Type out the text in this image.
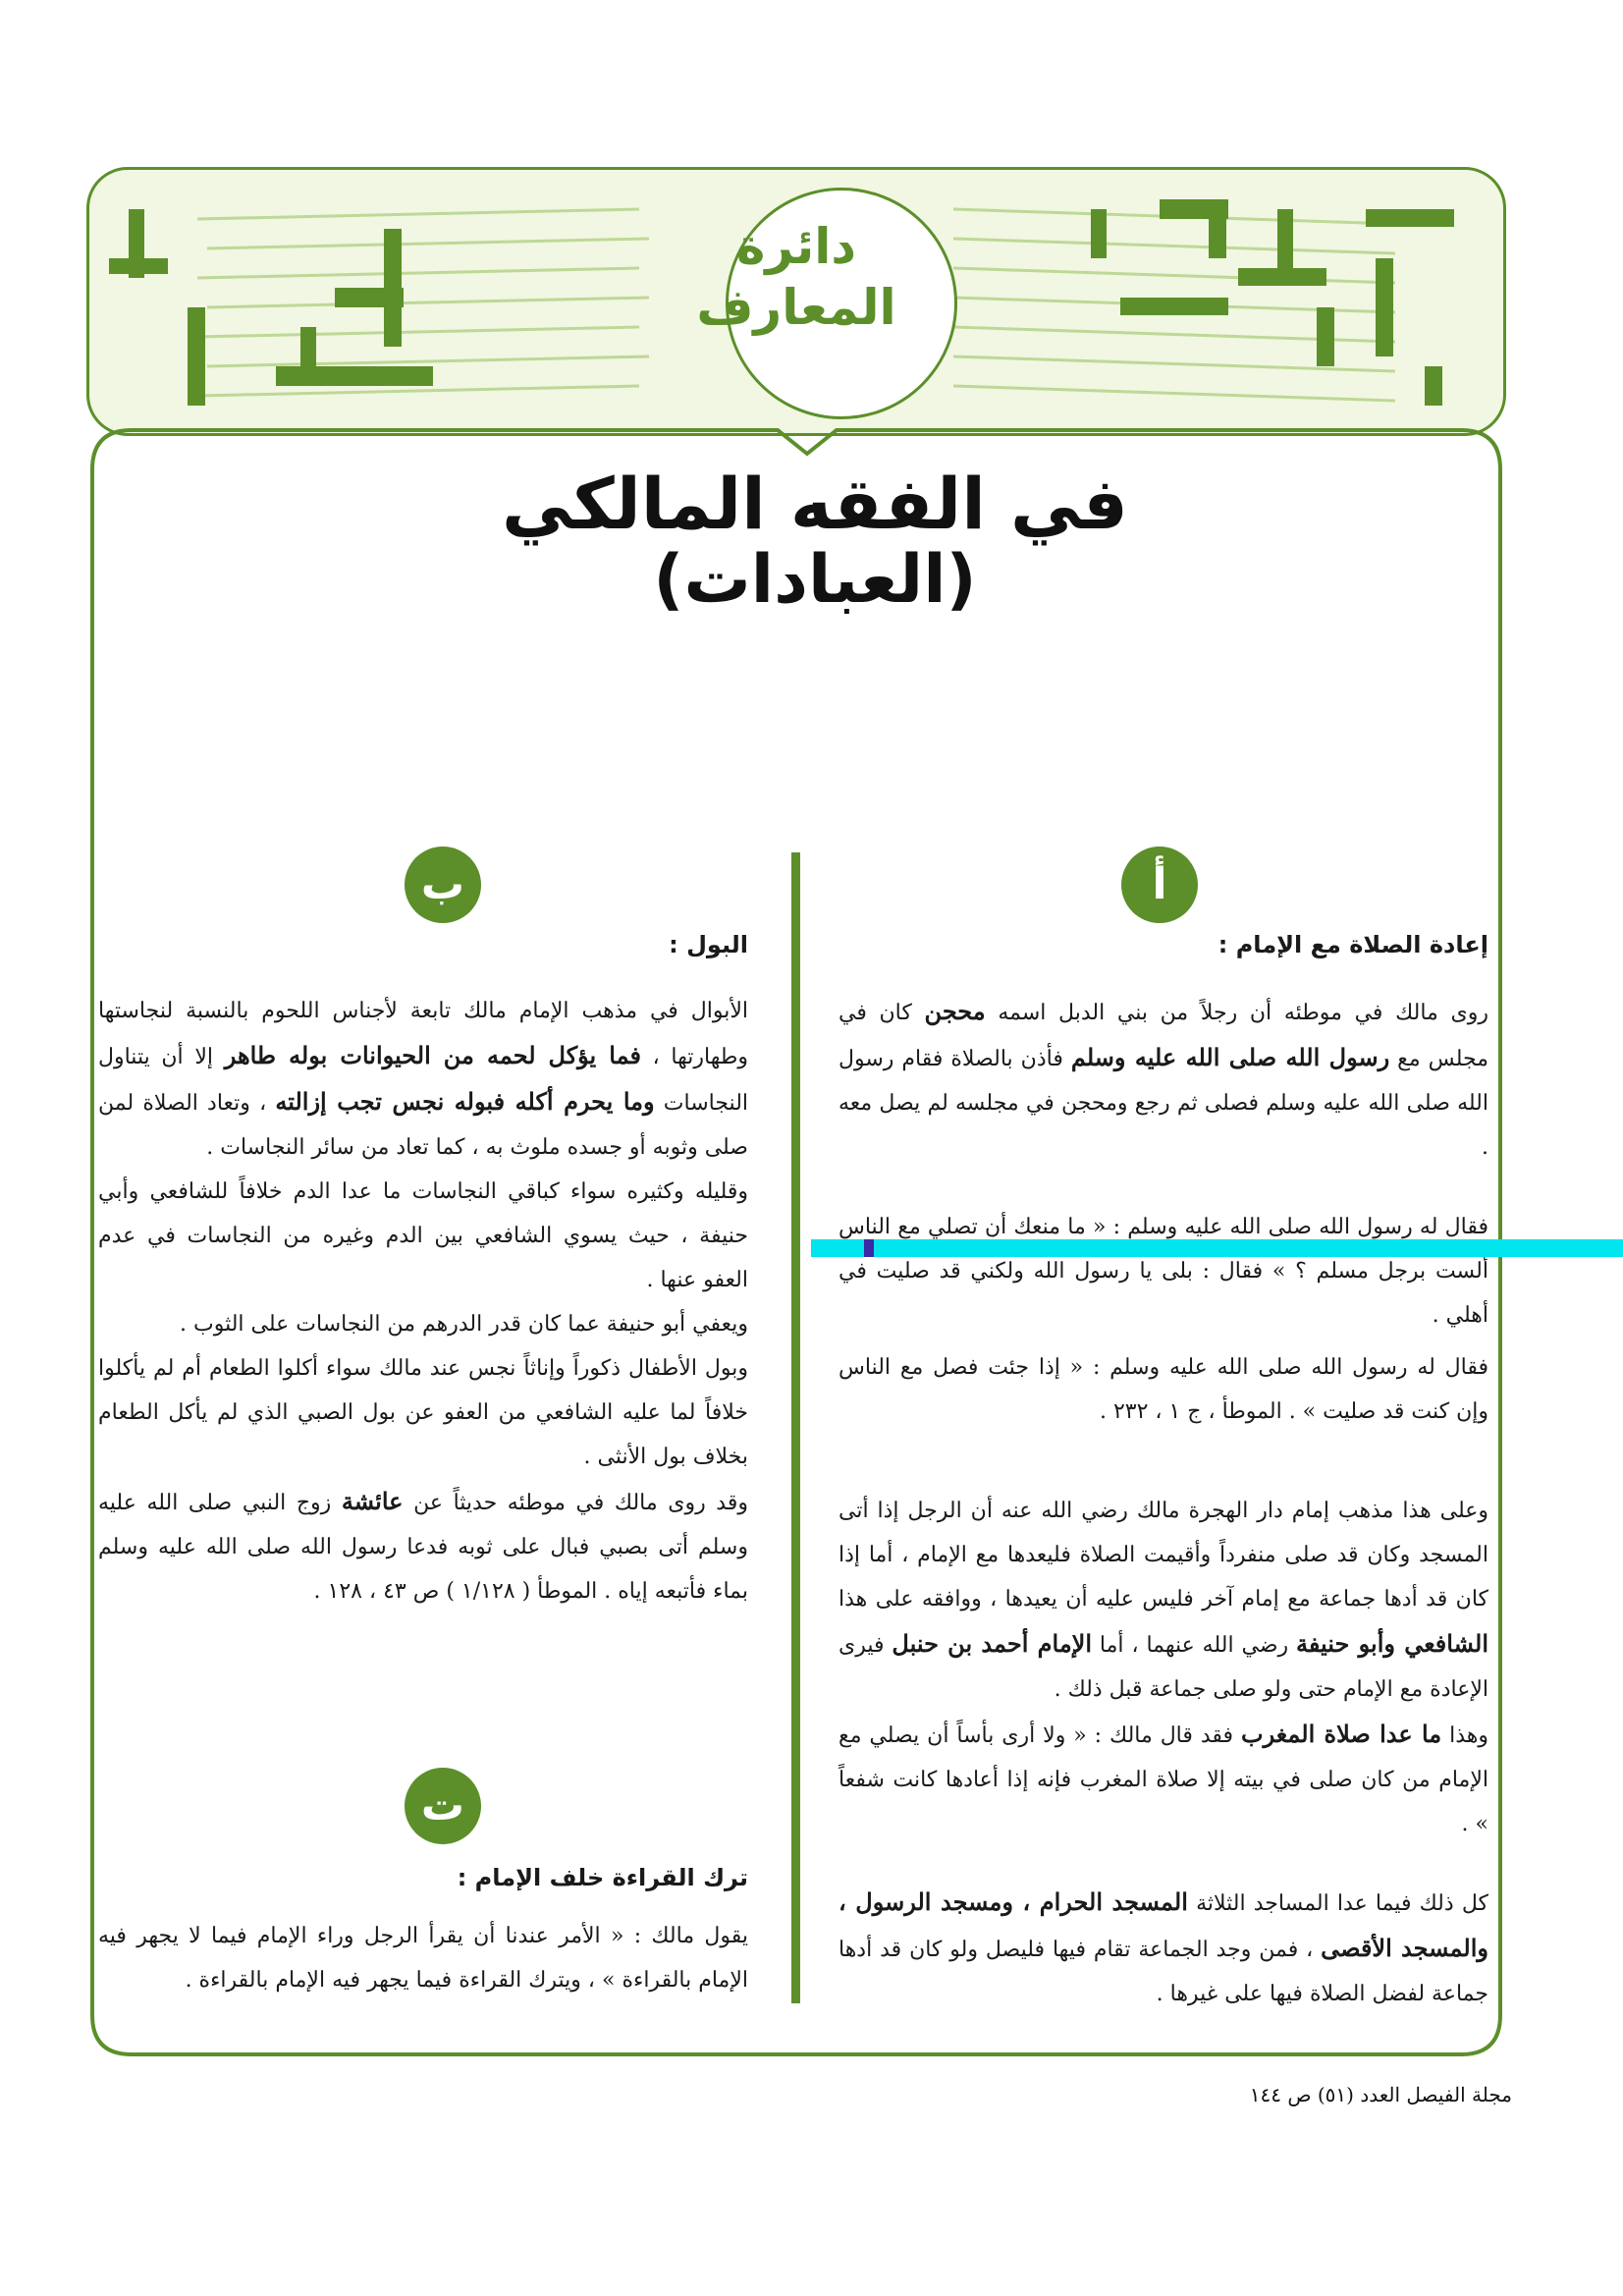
دائرة
المعارف
في الفقه المالكي
(العبادات)
أ
ب
ت
إعادة الصلاة مع الإمام :

روى مالك في موطئه أن رجلاً من بني الدبل اسمه محجن كان في مجلس مع رسول الله صلى الله عليه وسلم فأذن بالصلاة فقام رسول الله صلى الله عليه وسلم فصلى ثم رجع ومحجن في مجلسه لم يصل معه .

فقال له رسول الله صلى الله عليه وسلم : « ما منعك أن تصلي مع الناس ألست برجل مسلم ؟ » فقال : بلى يا رسول الله ولكني قد صليت في أهلي .

فقال له رسول الله صلى الله عليه وسلم : « إذا جئت فصل مع الناس وإن كنت قد صليت » . الموطأ ، ج ١ ، ٢٣٢ .

وعلى هذا مذهب إمام دار الهجرة مالك رضي الله عنه أن الرجل إذا أتى المسجد وكان قد صلى منفرداً وأقيمت الصلاة فليعدها مع الإمام ، أما إذا كان قد أدها جماعة مع إمام آخر فليس عليه أن يعيدها ، ووافقه على هذا الشافعي وأبو حنيفة رضي الله عنهما ، أما الإمام أحمد بن حنبل فيرى الإعادة مع الإمام حتى ولو صلى جماعة قبل ذلك .

وهذا ما عدا صلاة المغرب فقد قال مالك : « ولا أرى بأساً أن يصلي مع الإمام من كان صلى في بيته إلا صلاة المغرب فإنه إذا أعادها كانت شفعاً » .

كل ذلك فيما عدا المساجد الثلاثة المسجد الحرام ، ومسجد الرسول ، والمسجد الأقصى ، فمن وجد الجماعة تقام فيها فليصل ولو كان قد أدها جماعة لفضل الصلاة فيها على غيرها .

البول :

الأبوال في مذهب الإمام مالك تابعة لأجناس اللحوم بالنسبة لنجاستها وطهارتها ، فما يؤكل لحمه من الحيوانات بوله طاهر إلا أن يتناول النجاسات وما يحرم أكله فبوله نجس تجب إزالته ، وتعاد الصلاة لمن صلى وثوبه أو جسده ملوث به ، كما تعاد من سائر النجاسات .

وقليله وكثيره سواء كباقي النجاسات ما عدا الدم خلافاً للشافعي وأبي حنيفة ، حيث يسوي الشافعي بين الدم وغيره من النجاسات في عدم العفو عنها .

ويعفي أبو حنيفة عما كان قدر الدرهم من النجاسات على الثوب .

وبول الأطفال ذكوراً وإناثاً نجس عند مالك سواء أكلوا الطعام أم لم يأكلوا خلافاً لما عليه الشافعي من العفو عن بول الصبي الذي لم يأكل الطعام بخلاف بول الأنثى .

وقد روى مالك في موطئه حديثاً عن عائشة زوج النبي صلى الله عليه وسلم أتى بصبي فبال على ثوبه فدعا رسول الله صلى الله عليه وسلم بماء فأتبعه إياه . الموطأ ( ١/١٢٨ ) ص ٤٣ ، ١٢٨ .

ترك القراءة خلف الإمام :

يقول مالك : « الأمر عندنا أن يقرأ الرجل وراء الإمام فيما لا يجهر فيه الإمام بالقراءة » ، ويترك القراءة فيما يجهر فيه الإمام بالقراءة .

مجلة الفيصل العدد (٥١) ص ١٤٤
